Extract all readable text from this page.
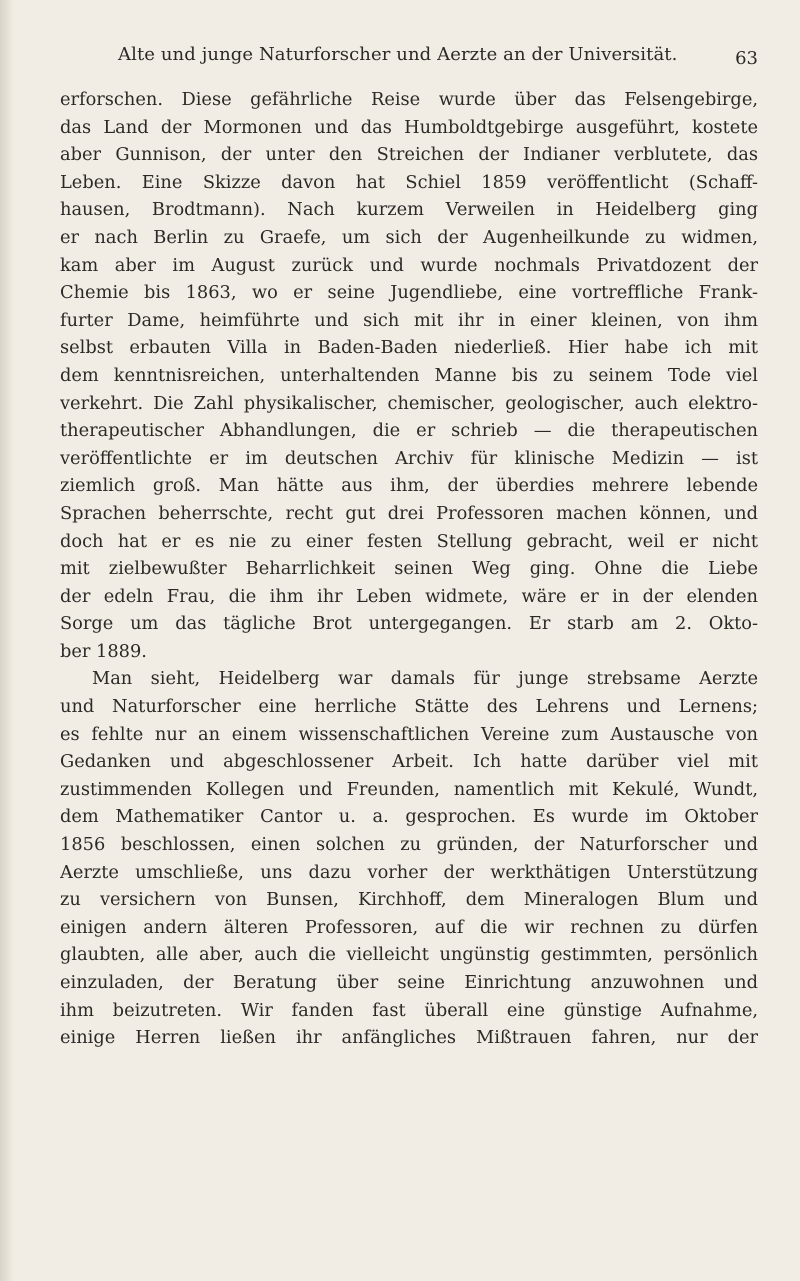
Alte und junge Naturforscher und Aerzte an der Universität.	63
erforschen. Diese gefährliche Reise wurde über das Felsengebirge,
das Land der Mormonen und das Humboldtgebirge ausgeführt, kostete
aber Gunnison, der unter den Streichen der Indianer verblutete, das
Leben. Eine Skizze davon hat Schiel 1859 veröffentlicht (Schaff-
hausen, Brodtmann). Nach kurzem Verweilen in Heidelberg ging
er nach Berlin zu Graefe, um sich der Augenheilkunde zu widmen,
kam aber im August zurück und wurde nochmals Privatdozent der
Chemie bis 1863, wo er seine Jugendliebe, eine vortreffliche Frank-
furter Dame, heimführte und sich mit ihr in einer kleinen, von ihm
selbst erbauten Villa in Baden-Baden niederließ. Hier habe ich mit
dem kenntnisreichen, unterhaltenden Manne bis zu seinem Tode viel
verkehrt. Die Zahl physikalischer, chemischer, geologischer, auch elektro-
therapeutischer Abhandlungen, die er schrieb — die therapeutischen
veröffentlichte er im deutschen Archiv für klinische Medizin — ist
ziemlich groß. Man hätte aus ihm, der überdies mehrere lebende
Sprachen beherrschte, recht gut drei Professoren machen können, und
doch hat er es nie zu einer festen Stellung gebracht, weil er nicht
mit zielbewußter Beharrlichkeit seinen Weg ging. Ohne die Liebe
der edeln Frau, die ihm ihr Leben widmete, wäre er in der elenden
Sorge um das tägliche Brot untergegangen. Er starb am 2. Okto-
ber 1889.
Man sieht, Heidelberg war damals für junge strebsame Aerzte
und Naturforscher eine herrliche Stätte des Lehrens und Lernens;
es fehlte nur an einem wissenschaftlichen Vereine zum Austausche von
Gedanken und abgeschlossener Arbeit. Ich hatte darüber viel mit
zustimmenden Kollegen und Freunden, namentlich mit Kekulé, Wundt,
dem Mathematiker Cantor u. a. gesprochen. Es wurde im Oktober
1856 beschlossen, einen solchen zu gründen, der Naturforscher und
Aerzte umschließe, uns dazu vorher der werkthätigen Unterstützung
zu versichern von Bunsen, Kirchhoff, dem Mineralogen Blum und
einigen andern älteren Professoren, auf die wir rechnen zu dürfen
glaubten, alle aber, auch die vielleicht ungünstig gestimmten, persönlich
einzuladen, der Beratung über seine Einrichtung anzuwohnen und
ihm beizutreten. Wir fanden fast überall eine günstige Aufnahme,
einige Herren ließen ihr anfängliches Mißtrauen fahren, nur der
